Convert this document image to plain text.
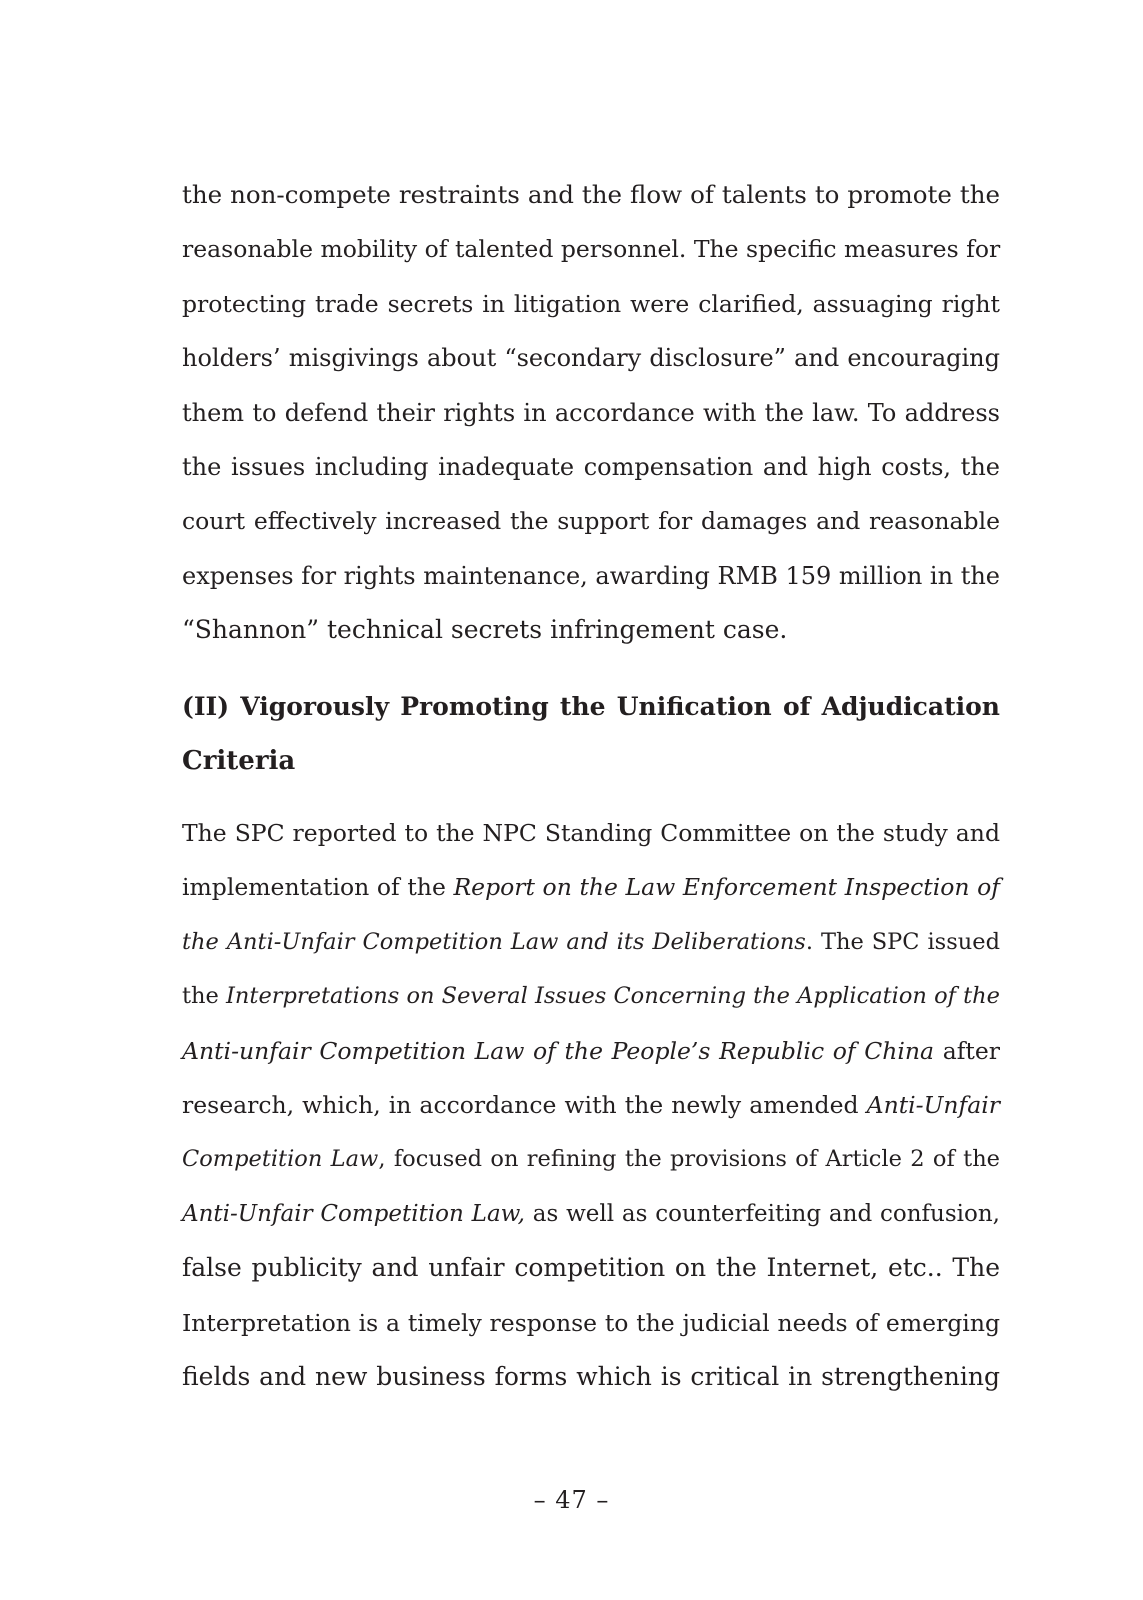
the non-compete restraints and the flow of talents to promote the
reasonable mobility of talented personnel. The specific measures for
protecting trade secrets in litigation were clarified, assuaging right
holders’ misgivings about “secondary disclosure” and encouraging
them to defend their rights in accordance with the law. To address
the issues including inadequate compensation and high costs, the
court effectively increased the support for damages and reasonable
expenses for rights maintenance, awarding RMB 159 million in the
“Shannon” technical secrets infringement case.
(II) Vigorously Promoting the Unification of Adjudication
Criteria
The SPC reported to the NPC Standing Committee on the study and
implementation of the Report on the Law Enforcement Inspection of
the Anti-Unfair Competition Law and its Deliberations. The SPC issued
the Interpretations on Several Issues Concerning the Application of the
Anti-unfair Competition Law of the People’s Republic of China after
research, which, in accordance with the newly amended Anti-Unfair
Competition Law, focused on refining the provisions of Article 2 of the
Anti-Unfair Competition Law, as well as counterfeiting and confusion,
false publicity and unfair competition on the Internet, etc.. The
Interpretation is a timely response to the judicial needs of emerging
fields and new business forms which is critical in strengthening
– 47 –
